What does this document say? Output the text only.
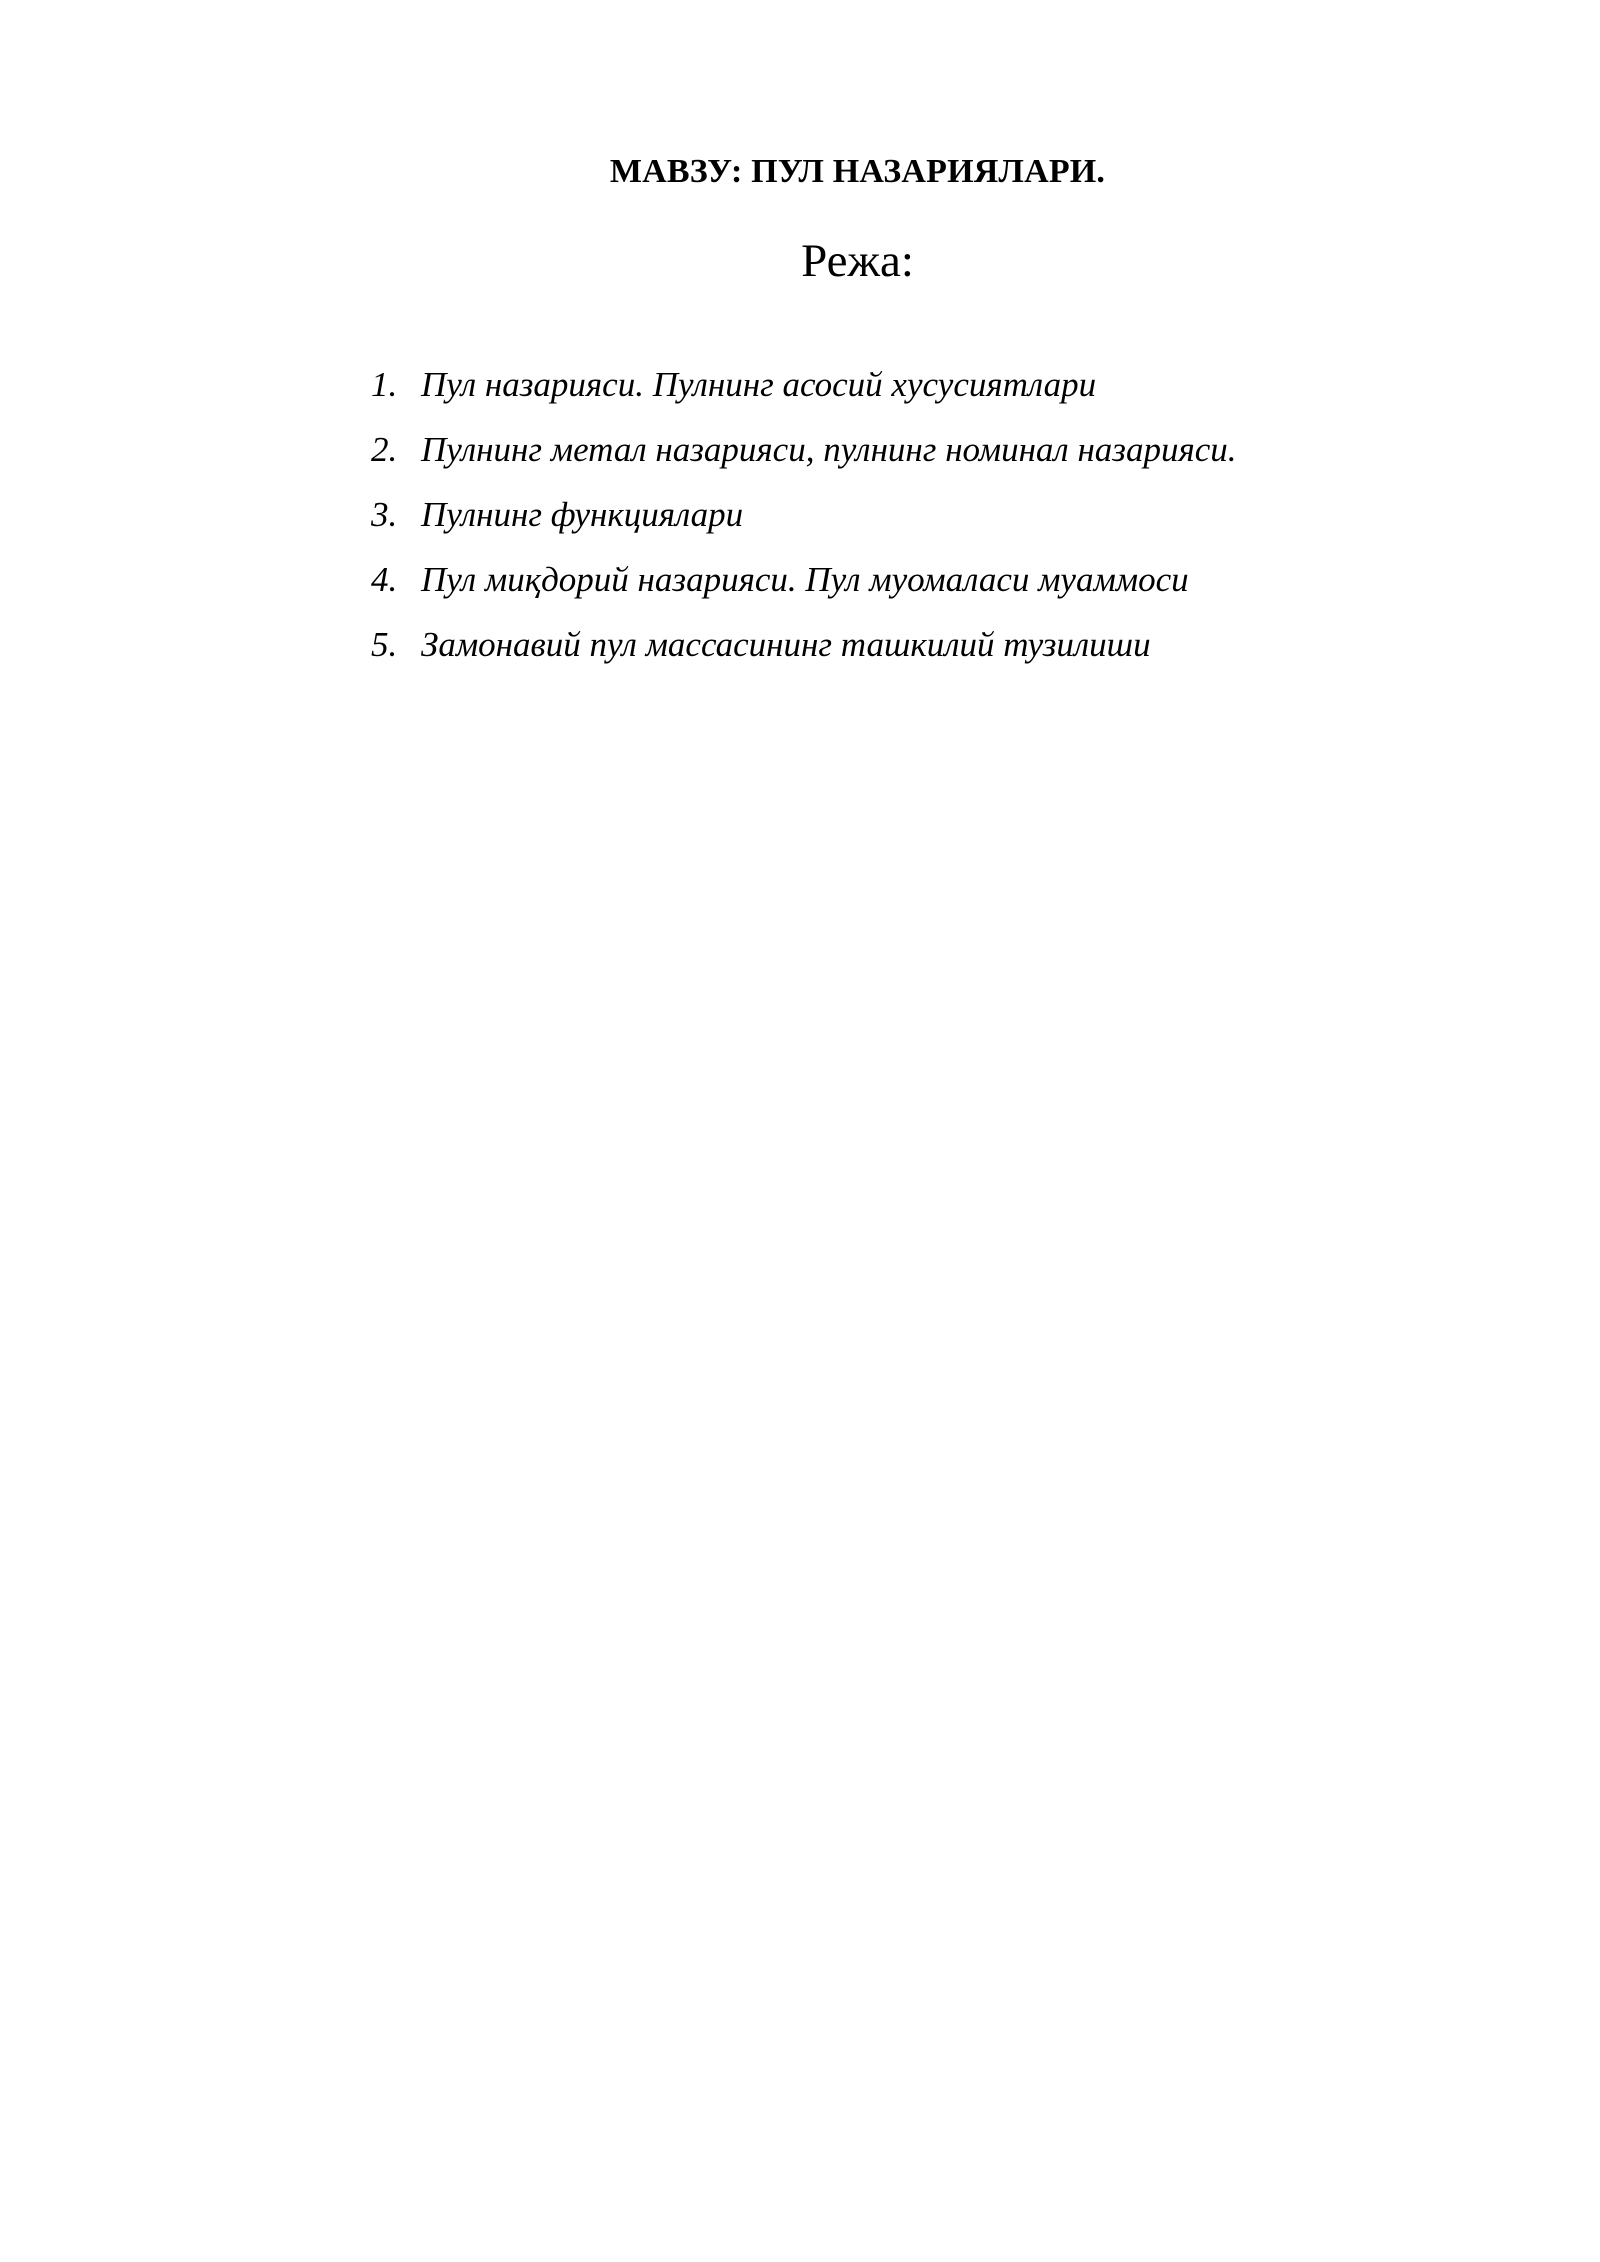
МАВЗУ: ПУЛ НАЗАРИЯЛАРИ.
Режа:
1. Пул назарияси. Пулнинг асосий хусусиятлари
2. Пулнинг метал назарияси, пулнинг номинал назарияси.
3. Пулнинг функциялари
4. Пул миқдорий назарияси. Пул муомаласи муаммоси
5. Замонавий пул массасининг ташкилий тузилиши
